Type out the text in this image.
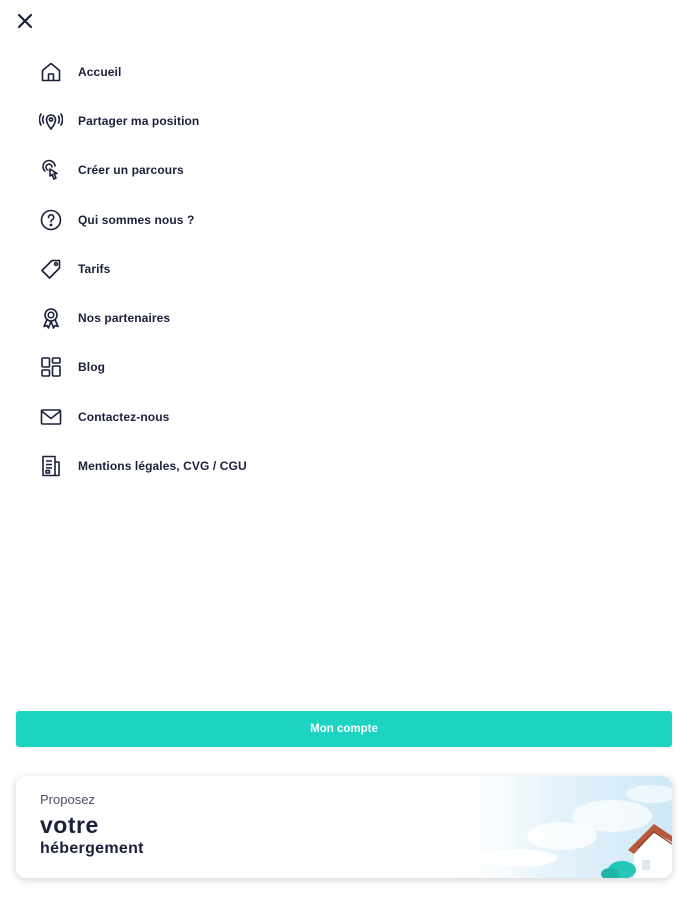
Accueil
Partager ma position
Créer un parcours
Qui sommes nous ?
Tarifs
Nos partenaires
Blog
Contactez-nous
Mentions légales, CVG / CGU
Mon compte
Proposez
votre
hébergement
